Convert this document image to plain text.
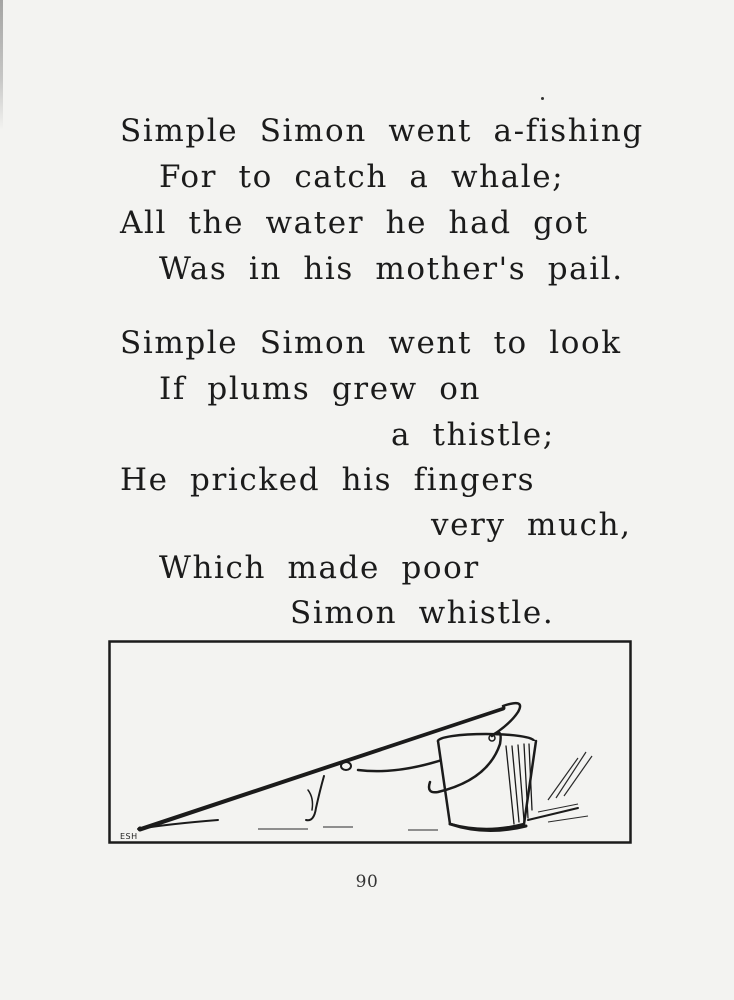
Simple Simon went a-fishing
For to catch a whale;
All the water he had got
Was in his mother's pail.
Simple Simon went to look
If plums grew on
a thistle;
He pricked his fingers
very much,
Which made poor
Simon whistle.
ESH
90
